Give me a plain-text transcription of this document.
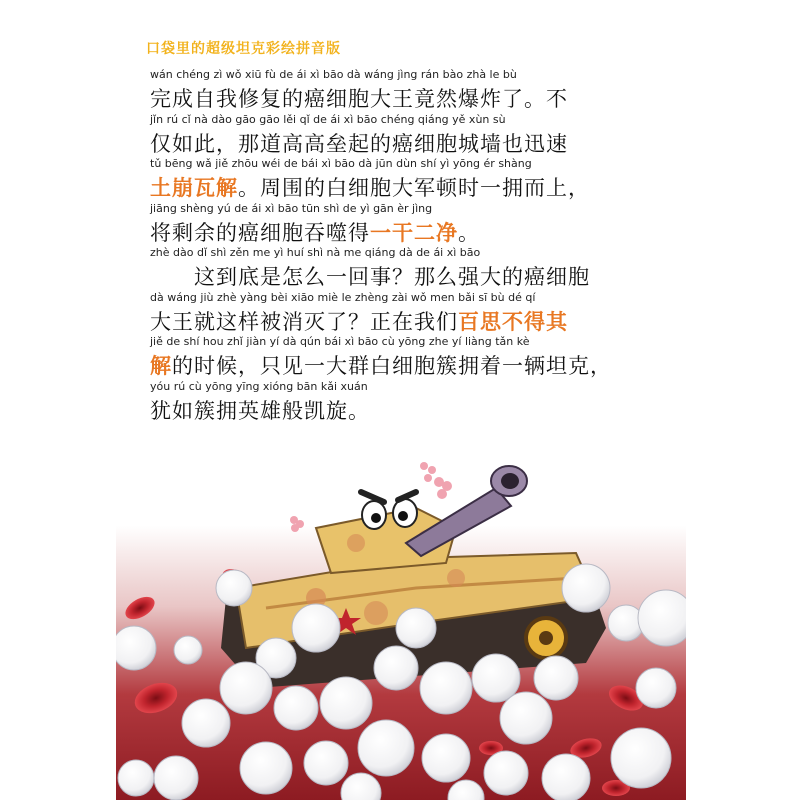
口袋里的超级坦克彩绘拼音版
wán chéng zì wǒ xiū fù de ái xì bāo dà wáng jìng rán bào zhà le bù
完成自我修复的癌细胞大王竟然爆炸了。不
jǐn rú cǐ nà dào gāo gāo lěi qǐ de ái xì bāo chéng qiáng yě xùn sù
仅如此，那道高高垒起的癌细胞城墙也迅速
tǔ bēng wǎ jiě zhōu wéi de bái xì bāo dà jūn dùn shí yì yōng ér shàng
土崩瓦解。周围的白细胞大军顿时一拥而上，
jiāng shèng yú de ái xì bāo tūn shì de yì gān èr jìng
将剩余的癌细胞吞噬得一干二净。
zhè dào dǐ shì zěn me yì huí shì nà me qiáng dà de ái xì bāo
　　这到底是怎么一回事？那么强大的癌细胞
dà wáng jiù zhè yàng bèi xiāo miè le zhèng zài wǒ men bǎi sī bù dé qí
大王就这样被消灭了？正在我们百思不得其
jiě de shí hou zhǐ jiàn yí dà qún bái xì bāo cù yōng zhe yí liàng tǎn kè
解的时候，只见一大群白细胞簇拥着一辆坦克，
yóu rú cù yōng yīng xióng bān kǎi xuán
犹如簇拥英雄般凯旋。
